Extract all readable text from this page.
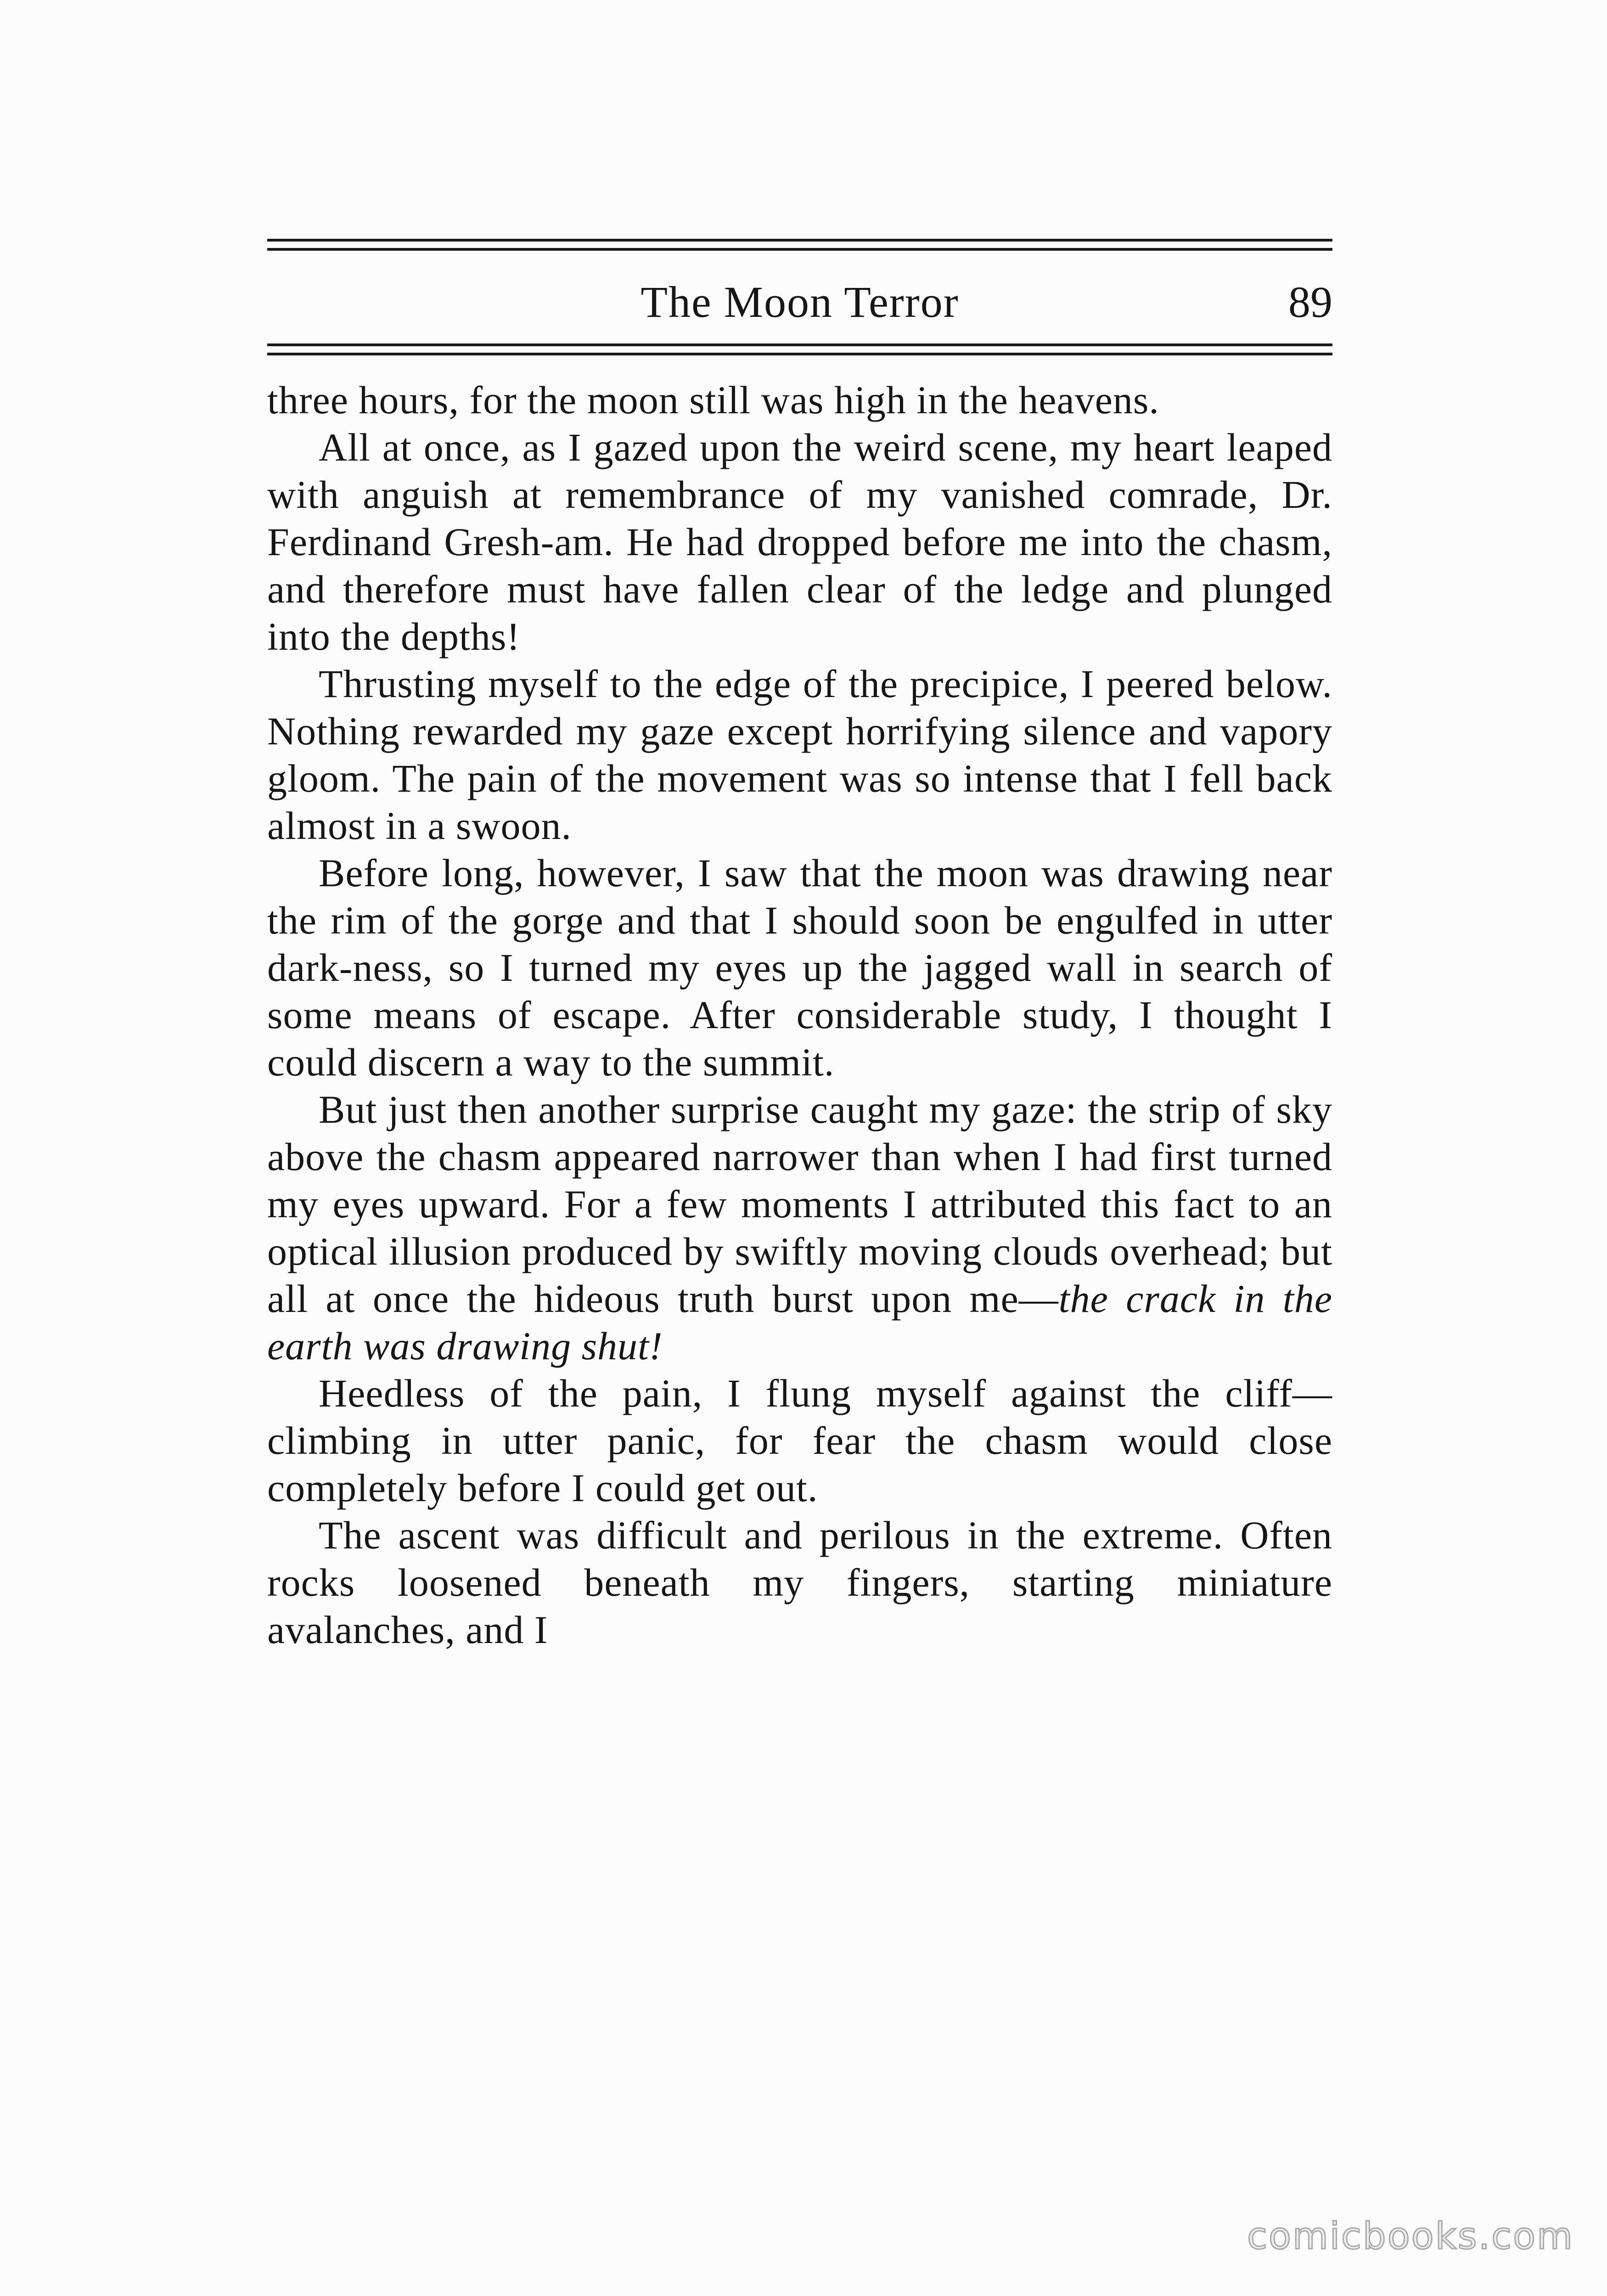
The Moon Terror	89

three hours, for the moon still was high in the heavens.

All at once, as I gazed upon the weird scene, my heart leaped with anguish at remembrance of my vanished comrade, Dr. Ferdinand Gresh-am. He had dropped before me into the chasm, and therefore must have fallen clear of the ledge and plunged into the depths!

Thrusting myself to the edge of the precipice, I peered below. Nothing rewarded my gaze except horrifying silence and vapory gloom. The pain of the movement was so intense that I fell back almost in a swoon.

Before long, however, I saw that the moon was drawing near the rim of the gorge and that I should soon be engulfed in utter dark-ness, so I turned my eyes up the jagged wall in search of some means of escape. After considerable study, I thought I could discern a way to the summit.

But just then another surprise caught my gaze: the strip of sky above the chasm appeared narrower than when I had first turned my eyes upward. For a few moments I attributed this fact to an optical illusion produced by swiftly moving clouds overhead; but all at once the hideous truth burst upon me—the crack in the earth was drawing shut!

Heedless of the pain, I flung myself against the cliff—climbing in utter panic, for fear the chasm would close completely before I could get out.

The ascent was difficult and perilous in the extreme. Often rocks loosened beneath my fingers, starting miniature avalanches, and I

comicbooks.com
